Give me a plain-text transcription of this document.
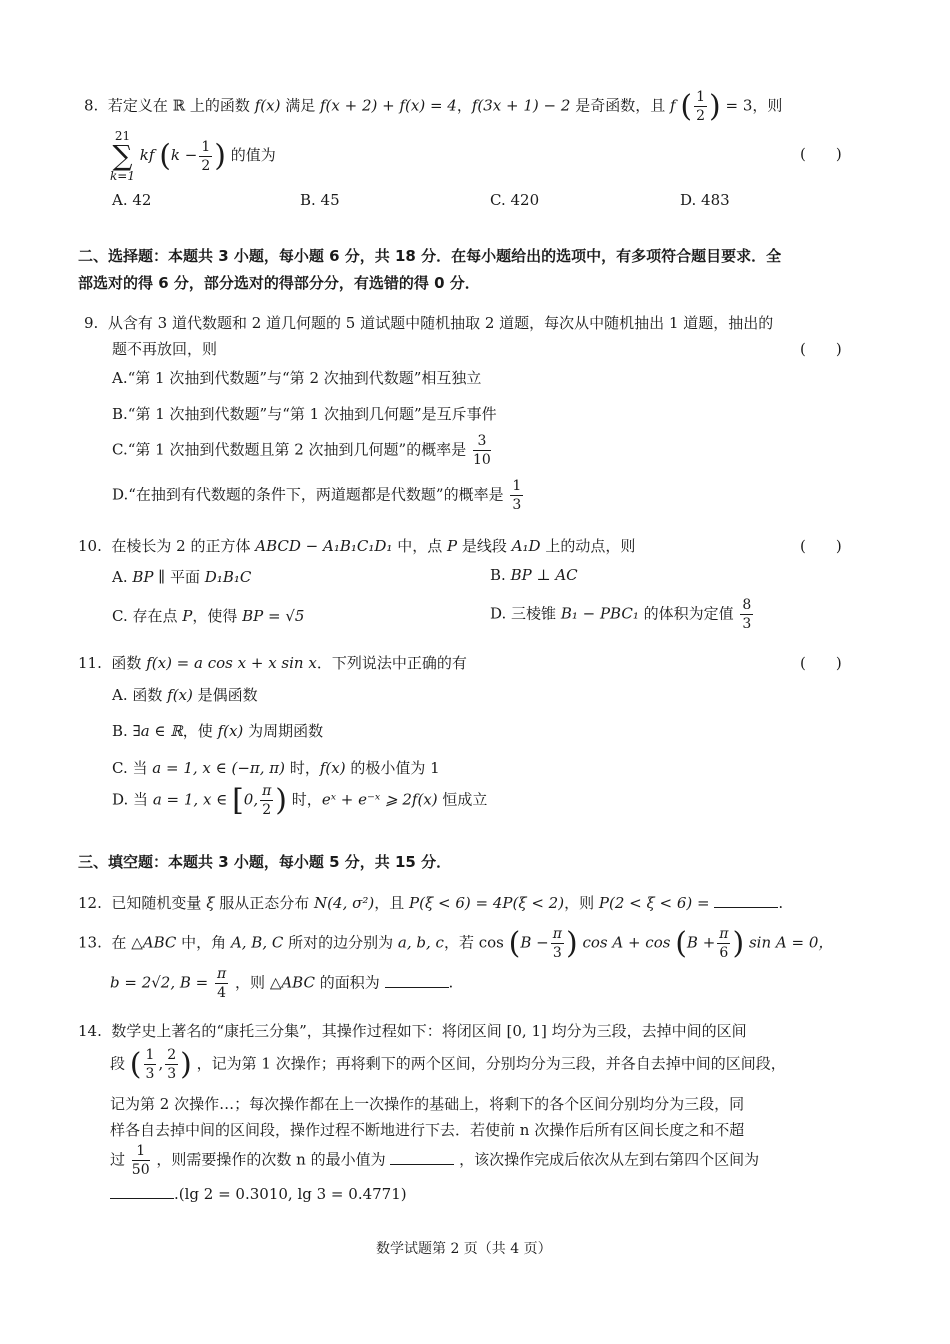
8. 若定义在 ℝ 上的函数 f(x) 满足 f(x + 2) + f(x) = 4，f(3x + 1) − 2 是奇函数，且 f ( $\frac{1}{2}$ ) = 3，则
21
∑
k=1
kf ($k - \frac{1}{2}$ ) 的值为	(　　)
A. 42	B. 45	C. 420	D. 483
二、选择题：本题共 3 小题，每小题 6 分，共 18 分．在每小题给出的选项中，有多项符合题目要求．全
部选对的得 6 分，部分选对的得部分分，有选错的得 0 分．
9. 从含有 3 道代数题和 2 道几何题的 5 道试题中随机抽取 2 道题，每次从中随机抽出 1 道题，抽出的
题不再放回，则	(　　)
A.“第 1 次抽到代数题”与“第 2 次抽到代数题”相互独立
B.“第 1 次抽到代数题”与“第 1 次抽到几何题”是互斥事件
C.“第 1 次抽到代数题且第 2 次抽到几何题”的概率是 $\frac{3}{10}$
D.“在抽到有代数题的条件下，两道题都是代数题”的概率是 $\frac{1}{3}$
10. 在棱长为 2 的正方体 ABCD − A₁B₁C₁D₁ 中，点 P 是线段 A₁D 上的动点，则	(　　)
A. BP ∥ 平面 D₁B₁C	B. BP ⊥ AC
C. 存在点 P，使得 BP = √5	D. 三棱锥 B₁ − PBC₁ 的体积为定值 $\frac{8}{3}$
11. 函数 f(x) = a cos x + x sin x．下列说法中正确的有	(　　)
A. 函数 f(x) 是偶函数
B. ∃a ∈ ℝ，使 f(x) 为周期函数
C. 当 a = 1, x ∈ (−π, π) 时，f(x) 的极小值为 1
D. 当 a = 1, x ∈ [0, $\frac{\pi}{2}$ ) 时，eˣ + e⁻ˣ ⩾ 2f(x) 恒成立
三、填空题：本题共 3 小题，每小题 5 分，共 15 分．
12. 已知随机变量 ξ 服从正态分布 N(4, σ²)，且 P(ξ < 6) = 4P(ξ < 2)，则 P(2 < ξ < 6) =	.
13. 在 △ABC 中，角 A, B, C 所对的边分别为 a, b, c，若 $\cos (B - \frac{\pi}{3}$ ) $\cos A + \cos (B + \frac{\pi}{6}$ ) sin A = 0，
b = 2√2, $B = \frac{\pi}{4}$ ，则 △ABC 的面积为	.
14. 数学史上著名的“康托三分集”，其操作过程如下：将闭区间 [0, 1] 均分为三段，去掉中间的区间
段 ( $\frac{1}{3}$ , $\frac{2}{3}$ ) ，记为第 1 次操作；再将剩下的两个区间，分别均分为三段，并各自去掉中间的区间段，
记为第 2 次操作…；每次操作都在上一次操作的基础上，将剩下的各个区间分别均分为三段，同
样各自去掉中间的区间段，操作过程不断地进行下去．若使前 n 次操作后所有区间长度之和不超
过 $\frac{1}{50}$ ，则需要操作的次数 n 的最小值为	，该次操作完成后依次从左到右第四个区间为
.(lg 2 = 0.3010, lg 3 = 0.4771)
数学试题第 2 页（共 4 页）
